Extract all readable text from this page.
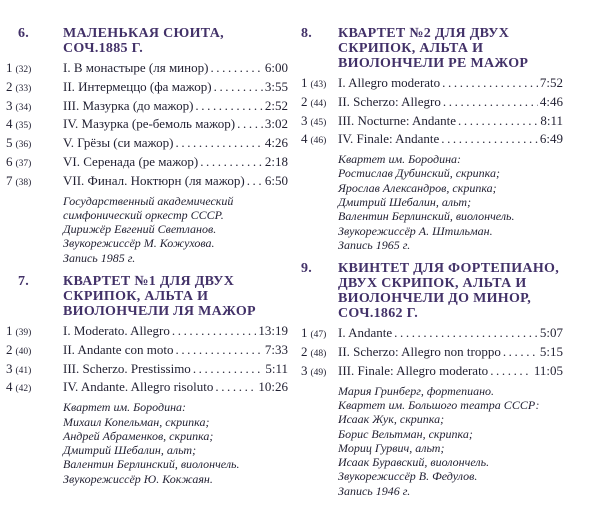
6.	МАЛЕНЬКАЯ СЮИТА,
СОЧ.1885 Г.
1 (32)	I. В монастыре (ля минор) .....	6:00
2 (33)	II. Интермеццо (фа мажор) .....	3:55
3 (34)	III. Мазурка (до мажор) .....	2:52
4 (35)	IV. Мазурка (ре-бемоль мажор) ..... 3:02
5 (36)	V. Грёзы (си мажор) .....	4:26
6 (37)	VI. Серенада (ре мажор) .....	2:18
7 (38)	VII. Финал. Ноктюрн (ля мажор) ..... 6:50
Государственный академический
симфонический оркестр СССР.
Дирижёр Евгений Светланов.
Звукорежиссёр М. Кожухова.
Запись 1985 г.
7.	КВАРТЕТ №1 ДЛЯ ДВУХ
СКРИПОК, АЛЬТА И
ВИОЛОНЧЕЛИ ЛЯ МАЖОР
1 (39)	I. Moderato. Allegro .....	13:19
2 (40)	II. Andante con moto .....	7:33
3 (41)	III. Scherzo. Prestissimo .....	5:11
4 (42)	IV. Andante. Allegro risoluto .....	10:26
Квартет им. Бородина:
Михаил Копельман, скрипка;
Андрей Абраменков, скрипка;
Дмитрий Шебалин, альт;
Валентин Берлинский, виолончель.
Звукорежиссёр Ю. Кокжаян.
8.	КВАРТЕТ №2 ДЛЯ ДВУХ
СКРИПОК, АЛЬТА И
ВИОЛОНЧЕЛИ РЕ МАЖОР
1 (43) I. Allegro moderato .....	7:52
2 (44) II. Scherzo: Allegro .....	4:46
3 (45) III. Nocturne: Andante .....	8:11
4 (46) IV. Finale: Andante .....	6:49
Квартет им. Бородина:
Ростислав Дубинский, скрипка;
Ярослав Александров, скрипка;
Дмитрий Шебалин, альт;
Валентин Берлинский, виолончель.
Звукорежиссёр А. Штильман.
Запись 1965 г.
9.	КВИНТЕТ ДЛЯ ФОРТЕПИАНО,
ДВУХ СКРИПОК, АЛЬТА И
ВИОЛОНЧЕЛИ ДО МИНОР,
СОЧ.1862 Г.
1 (47) I. Andante .....	5:07
2 (48) II. Scherzo: Allegro non troppo .....	5:15
3 (49) III. Finale: Allegro moderato .....	11:05
Мария Гринберг, фортепиано.
Квартет им. Большого театра СССР:
Исаак Жук, скрипка;
Борис Вельтман, скрипка;
Мориц Гурвич, альт;
Исаак Буравский, виолончель.
Звукорежиссёр В. Федулов.
Запись 1946 г.
